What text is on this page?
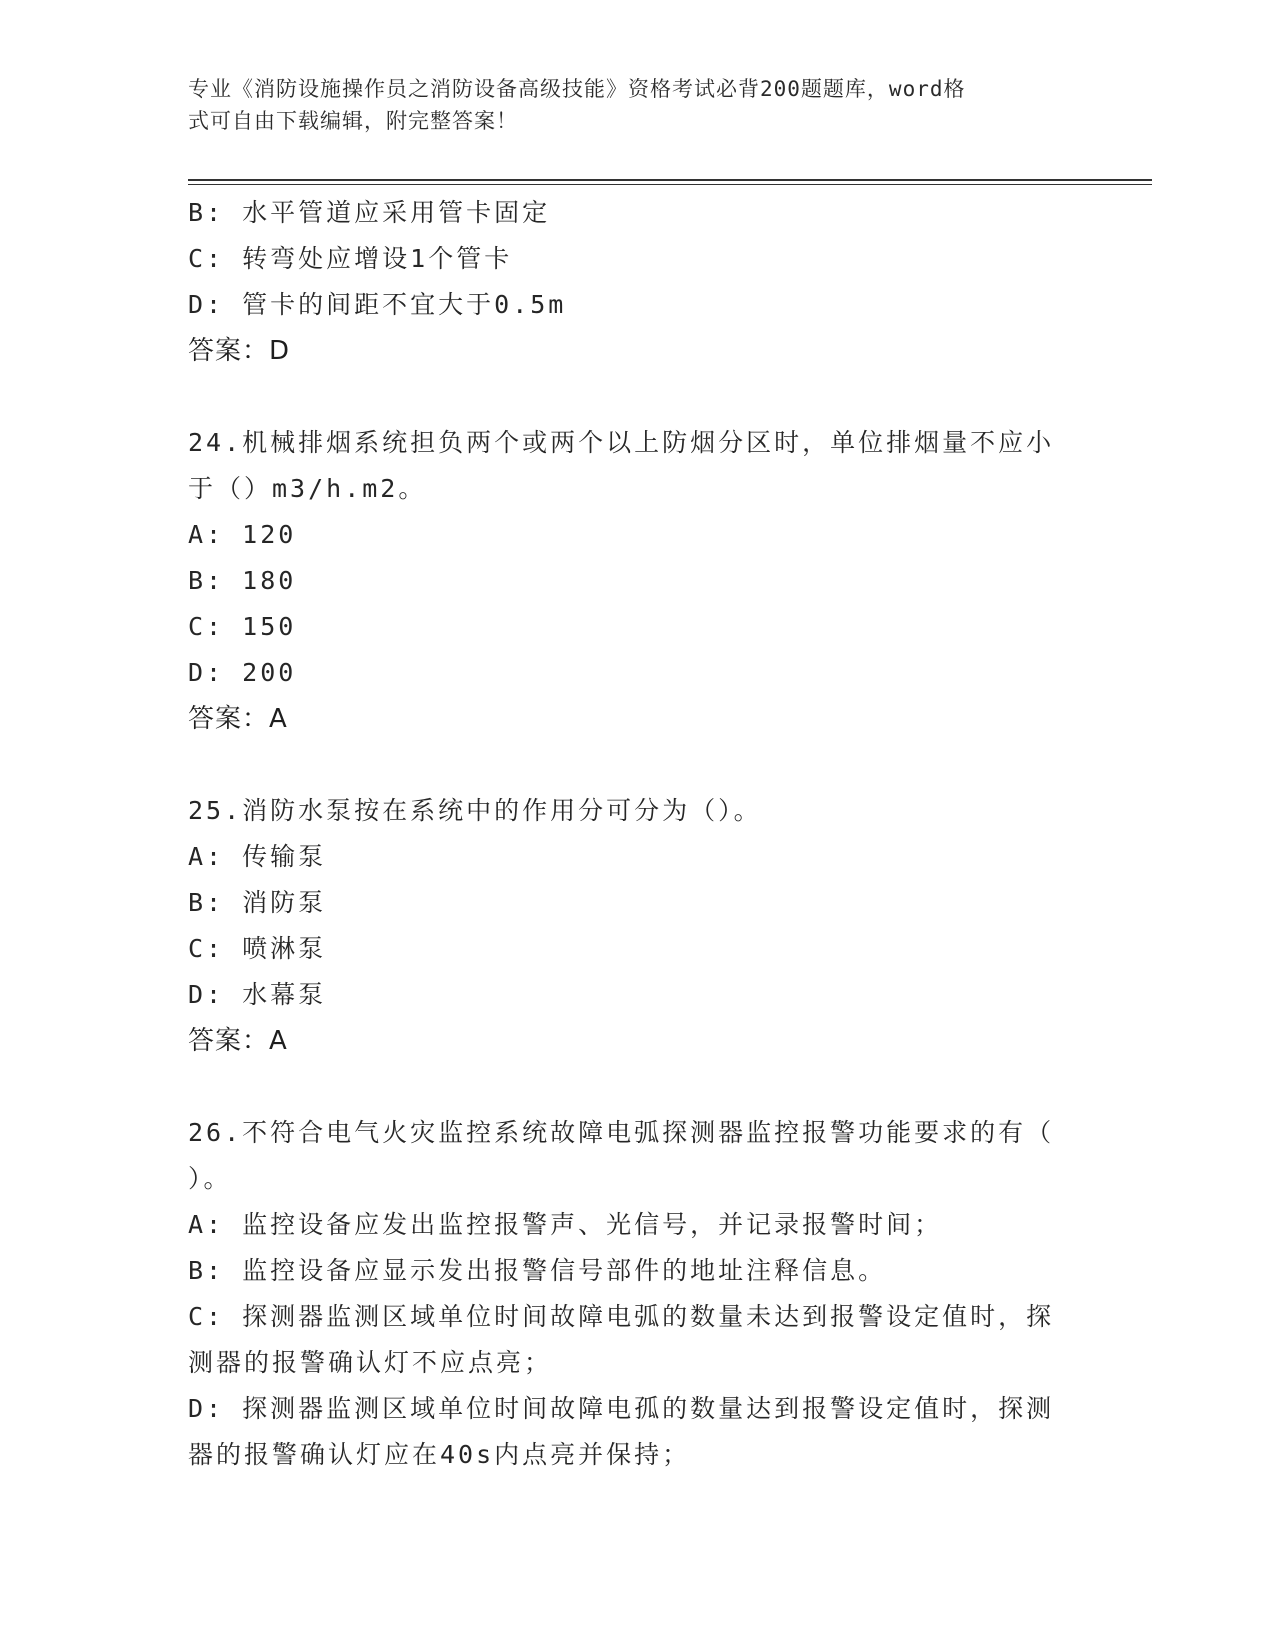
专业《消防设施操作员之消防设备高级技能》资格考试必背200题题库，word格
式可自由下载编辑，附完整答案！
B: 水平管道应采用管卡固定
C: 转弯处应增设1个管卡
D: 管卡的间距不宜大于0.5m
答案：D
24.机械排烟系统担负两个或两个以上防烟分区时，单位排烟量不应小
于（）m3/h.m2。
A: 120
B: 180
C: 150
D: 200
答案：A
25.消防水泵按在系统中的作用分可分为（）。
A: 传输泵
B: 消防泵
C: 喷淋泵
D: 水幕泵
答案：A
26.不符合电气火灾监控系统故障电弧探测器监控报警功能要求的有（
）。
A: 监控设备应发出监控报警声、光信号，并记录报警时间；
B: 监控设备应显示发出报警信号部件的地址注释信息。
C: 探测器监测区域单位时间故障电弧的数量未达到报警设定值时，探
测器的报警确认灯不应点亮；
D: 探测器监测区域单位时间故障电孤的数量达到报警设定值时，探测
器的报警确认灯应在40s内点亮并保持；
